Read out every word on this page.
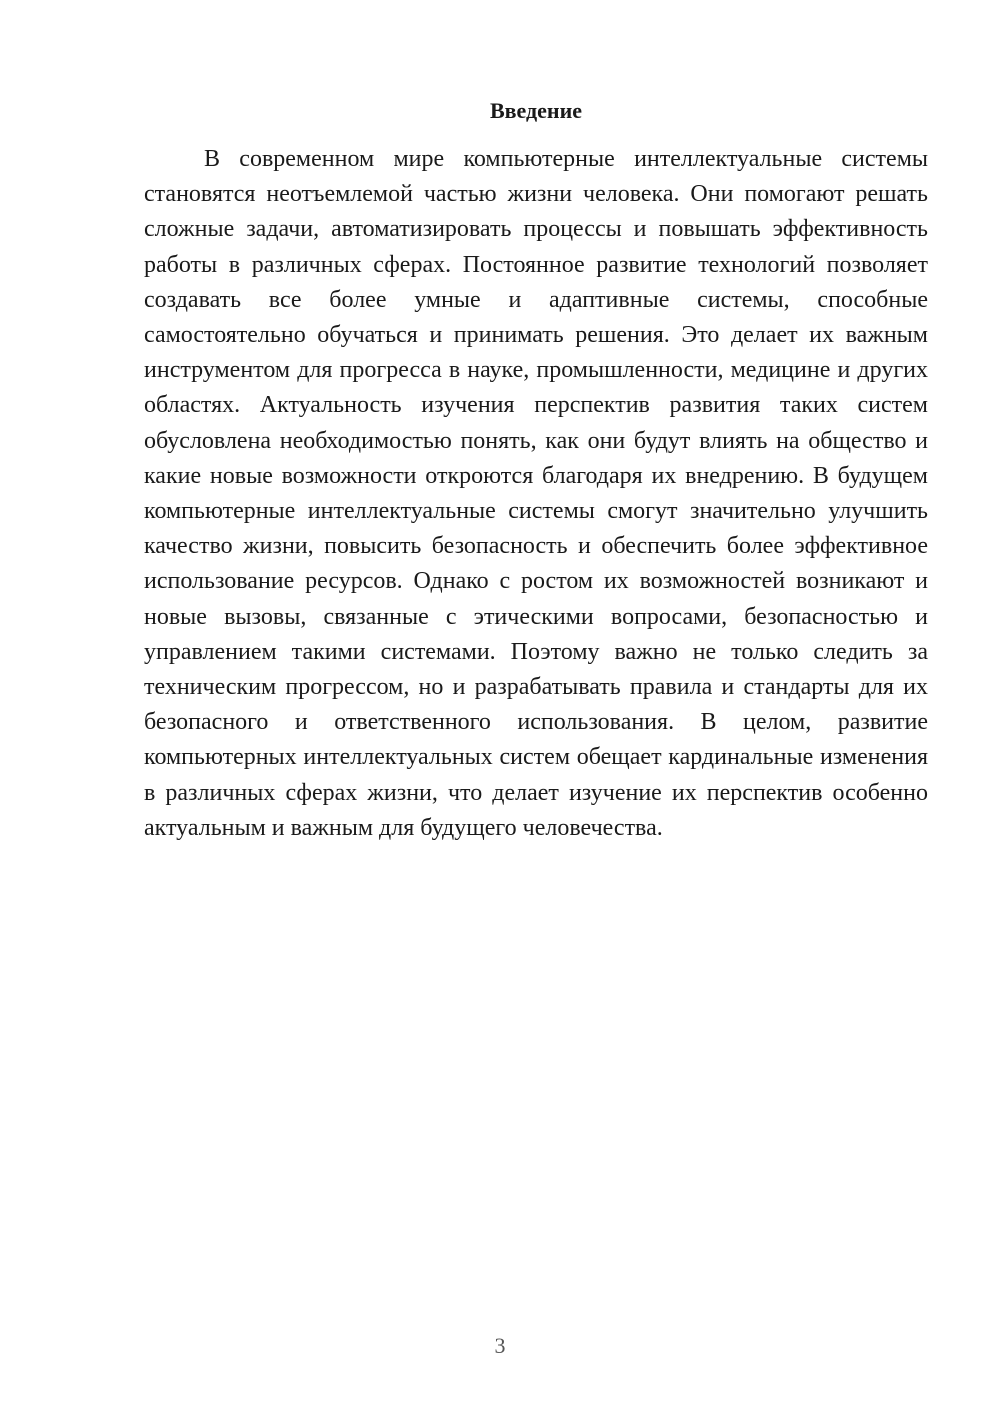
Введение

В современном мире компьютерные интеллектуальные системы становятся неотъемлемой частью жизни человека. Они помогают решать сложные задачи, автоматизировать процессы и повышать эффективность работы в различных сферах. Постоянное развитие технологий позволяет создавать все более умные и адаптивные системы, способные самостоятельно обучаться и принимать решения. Это делает их важным инструментом для прогресса в науке, промышленности, медицине и других областях. Актуальность изучения перспектив развития таких систем обусловлена необходимостью понять, как они будут влиять на общество и какие новые возможности откроются благодаря их внедрению. В будущем компьютерные интеллектуальные системы смогут значительно улучшить качество жизни, повысить безопасность и обеспечить более эффективное использование ресурсов. Однако с ростом их возможностей возникают и новые вызовы, связанные с этическими вопросами, безопасностью и управлением такими системами. Поэтому важно не только следить за техническим прогрессом, но и разрабатывать правила и стандарты для их безопасного и ответственного использования. В целом, развитие компьютерных интеллектуальных систем обещает кардинальные изменения в различных сферах жизни, что делает изучение их перспектив особенно актуальным и важным для будущего человечества.

3
